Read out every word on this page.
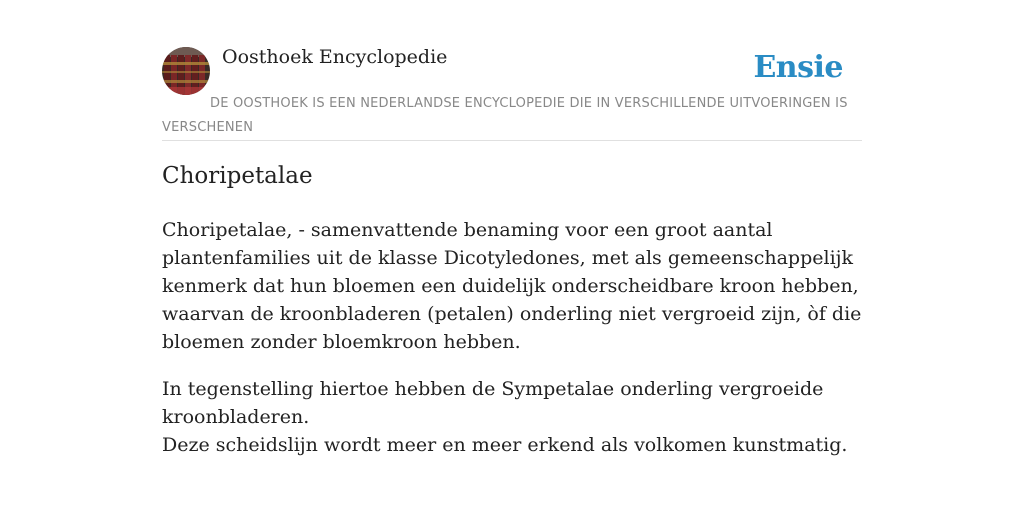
Oosthoek Encyclopedie	Ensie
DE OOSTHOEK IS EEN NEDERLANDSE ENCYCLOPEDIE DIE IN VERSCHILLENDE UITVOERINGEN IS VERSCHENEN
Choripetalae

Choripetalae, - samenvattende benaming voor een groot aantal plantenfamilies uit de klasse Dicotyledones, met als gemeenschappelijk kenmerk dat hun bloemen een duidelijk onderscheidbare kroon hebben, waarvan de kroonbladeren (petalen) onderling niet vergroeid zijn, òf die bloemen zonder bloemkroon hebben.

In tegenstelling hiertoe hebben de Sympetalae onderling vergroeide kroonbladeren.
Deze scheidslijn wordt meer en meer erkend als volkomen kunstmatig.
